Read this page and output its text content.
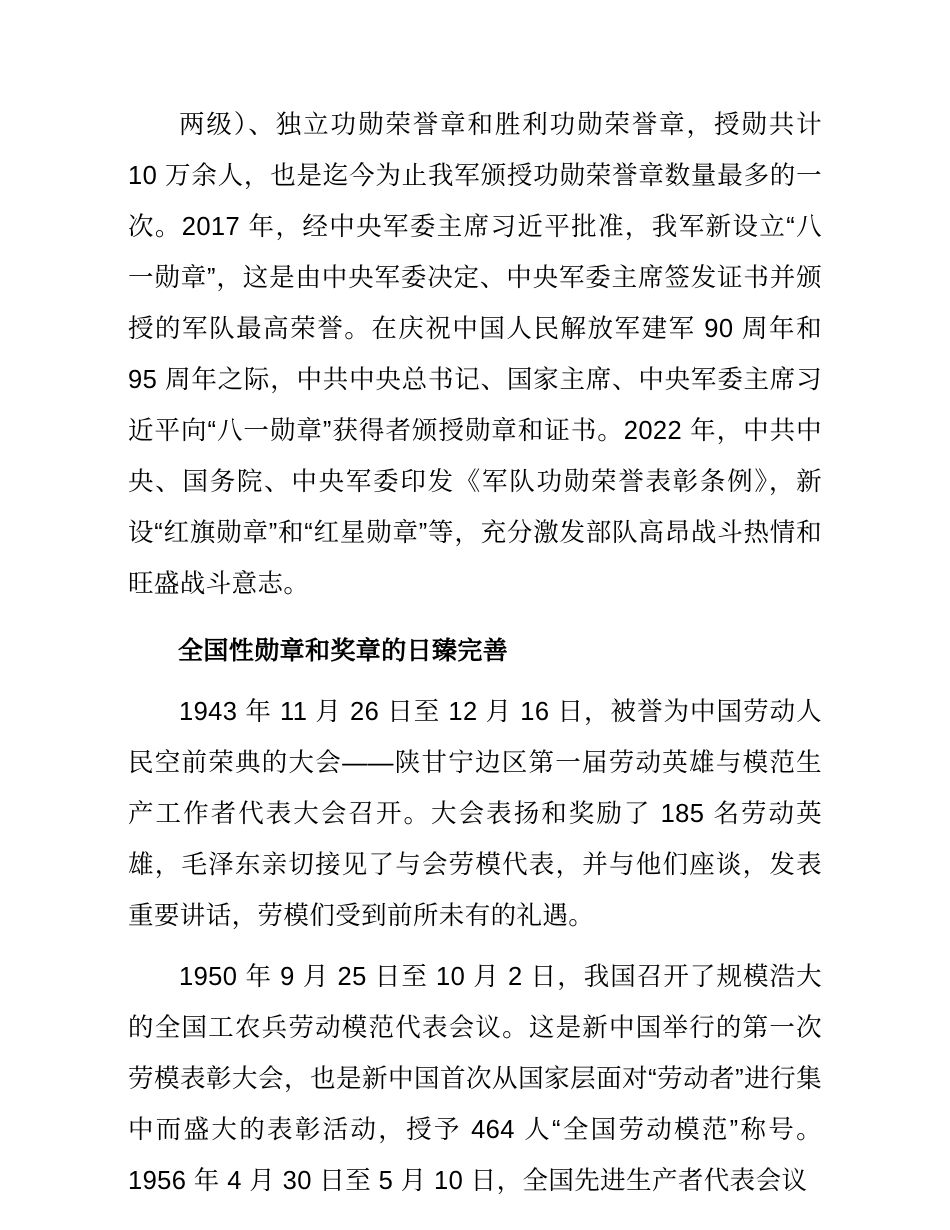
两级）、独立功勋荣誉章和胜利功勋荣誉章，授勋共计 10 万余人，也是迄今为止我军颁授功勋荣誉章数量最多的一次。2017 年，经中央军委主席习近平批准，我军新设立“八一勋章”，这是由中央军委决定、中央军委主席签发证书并颁授的军队最高荣誉。在庆祝中国人民解放军建军 90 周年和 95 周年之际，中共中央总书记、国家主席、中央军委主席习近平向“八一勋章”获得者颁授勋章和证书。2022 年，中共中央、国务院、中央军委印发《军队功勋荣誉表彰条例》，新设“红旗勋章”和“红星勋章”等，充分激发部队高昂战斗热情和旺盛战斗意志。

全国性勋章和奖章的日臻完善

1943 年 11 月 26 日至 12 月 16 日，被誉为中国劳动人民空前荣典的大会——陕甘宁边区第一届劳动英雄与模范生产工作者代表大会召开。大会表扬和奖励了 185 名劳动英雄，毛泽东亲切接见了与会劳模代表，并与他们座谈，发表重要讲话，劳模们受到前所未有的礼遇。

1950 年 9 月 25 日至 10 月 2 日，我国召开了规模浩大的全国工农兵劳动模范代表会议。这是新中国举行的第一次劳模表彰大会，也是新中国首次从国家层面对“劳动者”进行集中而盛大的表彰活动，授予 464 人“全国劳动模范”称号。1956 年 4 月 30 日至 5 月 10 日，全国先进生产者代表会议
